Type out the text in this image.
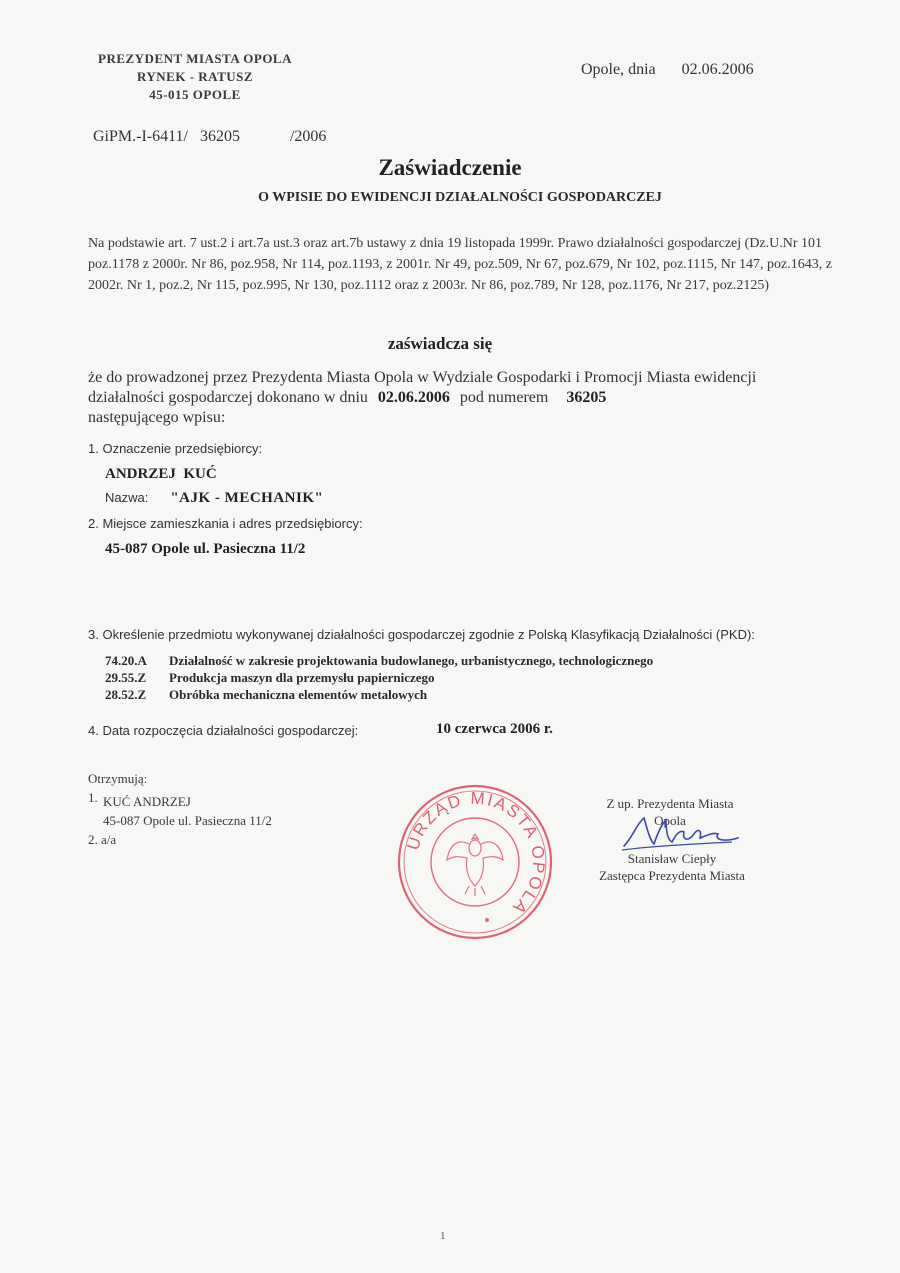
PREZYDENT MIASTA OPOLA
RYNEK - RATUSZ
45-015 OPOLE
Opole, dnia 02.06.2006
GiPM.-I-6411/ 36205	/2006
Zaświadczenie
O WPISIE DO EWIDENCJI DZIAŁALNOŚCI GOSPODARCZEJ
Na podstawie art. 7 ust.2 i art.7a ust.3 oraz art.7b ustawy z dnia 19 listopada 1999r. Prawo działalności gospodarczej (Dz.U.Nr 101 poz.1178 z 2000r. Nr 86, poz.958, Nr 114, poz.1193, z 2001r. Nr 49, poz.509, Nr 67, poz.679, Nr 102, poz.1115, Nr 147, poz.1643, z 2002r. Nr 1, poz.2, Nr 115, poz.995, Nr 130, poz.1112 oraz z 2003r. Nr 86, poz.789, Nr 128, poz.1176, Nr 217, poz.2125)
zaświadcza się
że do prowadzonej przez Prezydenta Miasta Opola w Wydziale Gospodarki i Promocji Miasta ewidencji działalności gospodarczej dokonano w dniu 02.06.2006 pod numerem 36205
następującego wpisu:
1. Oznaczenie przedsiębiorcy:
ANDRZEJ  KUĆ
Nazwa: "AJK - MECHANIK"
2. Miejsce zamieszkania i adres przedsiębiorcy:
45-087 Opole ul. Pasieczna 11/2
3. Określenie przedmiotu wykonywanej działalności gospodarczej zgodnie z Polską Klasyfikacją Działalności (PKD):
74.20.A Działalność w zakresie projektowania budowlanego, urbanistycznego, technologicznego
29.55.Z Produkcja maszyn dla przemysłu papierniczego
28.52.Z Obróbka mechaniczna elementów metalowych
4. Data rozpoczęcia działalności gospodarczej:	10 czerwca 2006 r.
Otrzymują:
1. KUĆ ANDRZEJ
45-087 Opole ul. Pasieczna 11/2
2. a/a	URZĄD MIASTA OPOLA
Z up. Prezydenta Miasta
Opola
Stanisław Ciepły
Zastępca Prezydenta Miasta
1
